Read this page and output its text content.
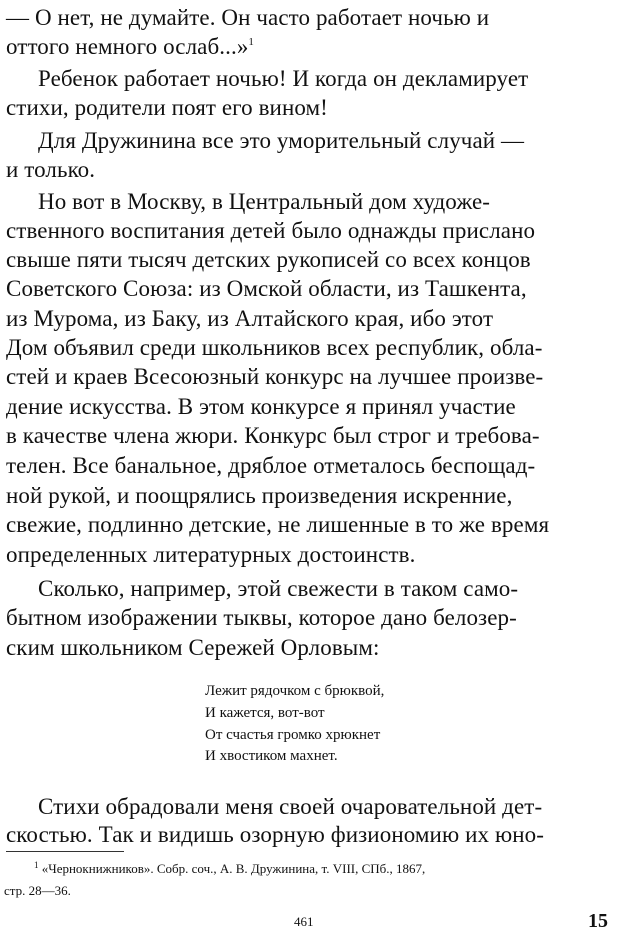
— О нет, не думайте. Он часто работает ночью и
оттого немного ослаб...»$^1$
Ребенок работает ночью! И когда он декламирует
стихи, родители поят его вином!
Для Дружинина все это уморительный случай —
и только.
Но вот в Москву, в Центральный дом художе-
ственного воспитания детей было однажды прислано
свыше пяти тысяч детских рукописей со всех концов
Советского Союза: из Омской области, из Ташкента,
из Мурома, из Баку, из Алтайского края, ибо этот
Дом объявил среди школьников всех республик, обла-
стей и краев Всесоюзный конкурс на лучшее произве-
дение искусства. В этом конкурсе я принял участие
в качестве члена жюри. Конкурс был строг и требова-
телен. Все банальное, дряблое отметалось беспощад-
ной рукой, и поощрялись произведения искренние,
свежие, подлинно детские, не лишенные в то же время
определенных литературных достоинств.
Сколько, например, этой свежести в таком само-
бытном изображении тыквы, которое дано белозер-
ским школьником Сережей Орловым:
Лежит рядочком с брюквой,
И кажется, вот-вот
От счастья громко хрюкнет
И хвостиком махнет.
Стихи обрадовали меня своей очаровательной дет-
скостью. Так и видишь озорную физиономию их юно-
$^1$ «Чернокнижников». Собр. соч., А. В. Дружинина, т. VIII, СПб., 1867,
стр. 28—36.
461	15
